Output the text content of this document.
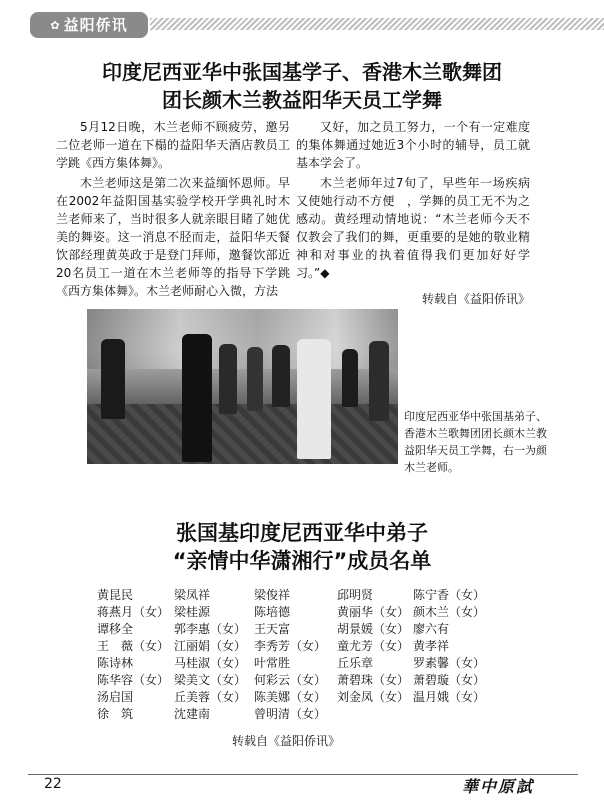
✿ 益阳侨讯
印度尼西亚华中张国基学子、香港木兰歌舞团
团长颜木兰教益阳华天员工学舞

5月12日晚，木兰老师不顾疲劳，邀另二位老师一道在下榻的益阳华天酒店教员工学跳《西方集体舞》。

木兰老师这是第二次来益缅怀恩师。早在2002年益阳国基实验学校开学典礼时木兰老师来了，当时很多人就亲眼目睹了她优美的舞姿。这一消息不胫而走，益阳华天餐饮部经理黄英政于是登门拜师，邀餐饮部近20名员工一道在木兰老师等的指导下学跳《西方集体舞》。木兰老师耐心入微，方法

又好，加之员工努力，一个有一定难度的集体舞通过她近3个小时的辅导，员工就基本学会了。

木兰老师年过7旬了，早些年一场疾病又使她行动不方便　，学舞的员工无不为之感动。黄经理动情地说：“木兰老师今天不仅教会了我们的舞，更重要的是她的敬业精神和对事业的执着值得我们更加好好学习。”◆

转载自《益阳侨讯》
印度尼西亚华中张国基弟子、香港木兰歌舞团团长颜木兰教益阳华天员工学舞，右一为颜木兰老师。
张国基印度尼西亚华中弟子
“亲情中华潇湘行”成员名单
黄昆民
蒋燕月（女）
谭移全
王　薇（女）
陈诗林
陈华容（女）
汤启国
徐　筑
梁凤祥
梁桂源
郭李惠（女）
江丽娟（女）
马桂淑（女）
梁美文（女）
丘美蓉（女）
沈建南
梁俊祥
陈培德
王天富
李秀芳（女）
叶常胜
何彩云（女）
陈美娜（女）
曾明清（女）
邱明贤
黄丽华（女）
胡景媛（女）
童尤芳（女）
丘乐章
萧碧珠（女）
刘金凤（女）
陈宁香（女）
颜木兰（女）
廖六有
黄孝祥
罗素馨（女）
萧碧璇（女）
温月娥（女）
转载自《益阳侨讯》
22	華中原試
